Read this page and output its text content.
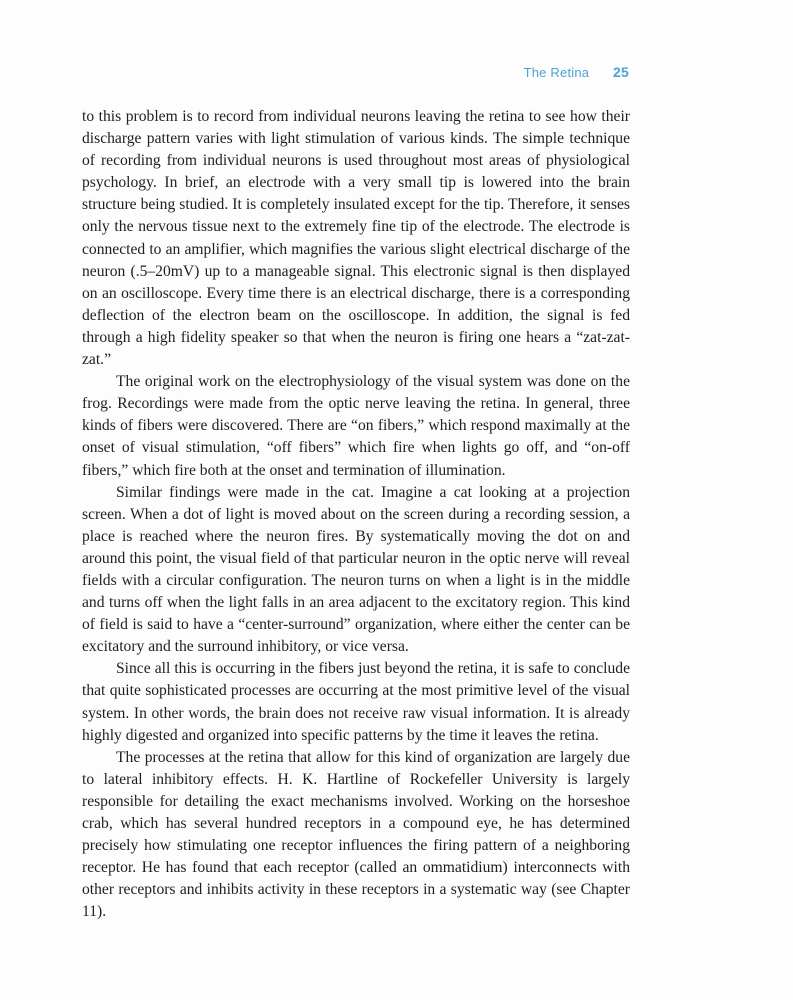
The Retina 25

to this problem is to record from individual neurons leaving the retina to see how their discharge pattern varies with light stimulation of various kinds. The simple technique of recording from individual neurons is used throughout most areas of physiological psychology. In brief, an electrode with a very small tip is lowered into the brain structure being studied. It is completely insulated except for the tip. Therefore, it senses only the nervous tissue next to the extremely fine tip of the electrode. The electrode is connected to an amplifier, which magnifies the various slight electrical discharge of the neuron (.5–20mV) up to a manageable signal. This electronic signal is then displayed on an oscilloscope. Every time there is an electrical discharge, there is a corresponding deflection of the electron beam on the oscilloscope. In addition, the signal is fed through a high fidelity speaker so that when the neuron is firing one hears a “zat-zat-zat.”

The original work on the electrophysiology of the visual system was done on the frog. Recordings were made from the optic nerve leaving the retina. In general, three kinds of fibers were discovered. There are “on fibers,” which respond maximally at the onset of visual stimulation, “off fibers” which fire when lights go off, and “on-off fibers,” which fire both at the onset and termination of illumination.

Similar findings were made in the cat. Imagine a cat looking at a projection screen. When a dot of light is moved about on the screen during a recording session, a place is reached where the neuron fires. By systematically moving the dot on and around this point, the visual field of that particular neuron in the optic nerve will reveal fields with a circular configuration. The neuron turns on when a light is in the middle and turns off when the light falls in an area adjacent to the excitatory region. This kind of field is said to have a “center-surround” organization, where either the center can be excitatory and the surround inhibitory, or vice versa.

Since all this is occurring in the fibers just beyond the retina, it is safe to conclude that quite sophisticated processes are occurring at the most primitive level of the visual system. In other words, the brain does not receive raw visual information. It is already highly digested and organized into specific patterns by the time it leaves the retina.

The processes at the retina that allow for this kind of organization are largely due to lateral inhibitory effects. H. K. Hartline of Rockefeller University is largely responsible for detailing the exact mechanisms involved. Working on the horseshoe crab, which has several hundred receptors in a compound eye, he has determined precisely how stimulating one receptor influences the firing pattern of a neighboring receptor. He has found that each receptor (called an ommatidium) interconnects with other receptors and inhibits activity in these receptors in a systematic way (see Chapter 11).
